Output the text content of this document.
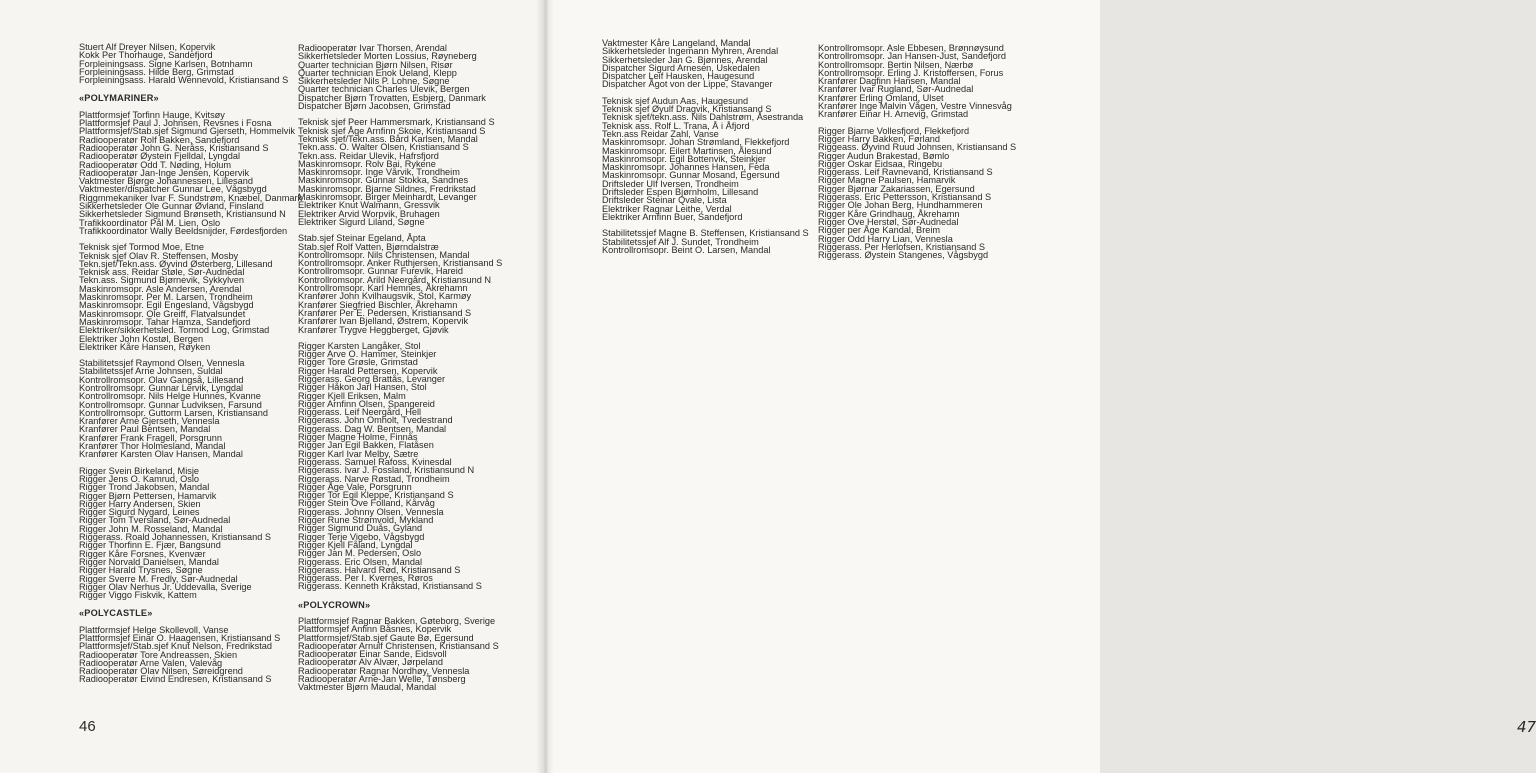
Stuert Alf Dreyer Nilsen, Kopervik

Kokk Per Thorhauge, Sandefjord

Forpleiningsass. Signe Karlsen, Botnhamn

Forpleiningsass. Hilde Berg, Grimstad

Forpleiningsass. Harald Wennevold, Kristiansand S

«POLYMARINER»

Plattformsjef Torfinn Hauge, Kvitsøy

Plattformsjef Paul J. Johnsen, Revsnes i Fosna

Plattformsjef/Stab.sjef Sigmund Gjerseth, Hommelvik

Radiooperatør Rolf Bakken, Sandefjord

Radiooperatør John G. Neråss, Kristiansand S

Radiooperatør Øystein Fjelldal, Lyngdal

Radiooperatør Odd T. Nøding, Holum

Radiooperatør Jan-Inge Jensen, Kopervik

Vaktmester Bjørge Johannessen, Lillesand

Vaktmester/dispatcher Gunnar Lee, Vågsbygd

Riggmmekaniker Ivar F. Sundstrøm, Knæbel, Danmark

Sikkerhetsleder Ole Gunnar Øvland, Finsland

Sikkerhetsleder Sigmund Brønseth, Kristiansund N

Trafikkoordinator Pål M. Lien, Oslo

Trafikkoordinator Wally Beeldsnijder, Førdesfjorden

Teknisk sjef Tormod Moe, Etne

Teknisk sjef Olav R. Steffensen, Mosby

Tekn.sjef/Tekn.ass. Øyvind Østerberg, Lillesand

Teknisk ass. Reidar Støle, Sør-Audnedal

Tekn.ass. Sigmund Bjørnevik, Sykkylven

Maskinromsopr. Asle Andersen, Arendal

Maskinromsopr. Per M. Larsen, Trondheim

Maskinromsopr. Egil Engesland, Vågsbygd

Maskinromsopr. Ole Greiff, Flatvalsundet

Maskinromsopr. Tahar Hamza, Sandefjord

Elektriker/sikkerhetsled. Tormod Log, Grimstad

Elektriker John Kostøl, Bergen

Elektriker Kåre Hansen, Røyken

Stabilitetssjef Raymond Olsen, Vennesla

Stabilitetssjef Arne Johnsen, Suldal

Kontrollromsopr. Olav Gangså, Lillesand

Kontrollromsopr. Gunnar Lervik, Lyngdal

Kontrollromsopr. Nils Helge Hunnes, Kvanne

Kontrollromsopr. Gunnar Ludviksen, Farsund

Kontrollromsopr. Guttorm Larsen, Kristiansand

Kranfører Arne Gjerseth, Vennesla

Kranfører Paul Bentsen, Mandal

Kranfører Frank Fragell, Porsgrunn

Kranfører Thor Holmesland, Mandal

Kranfører Karsten Olav Hansen, Mandal

Rigger Svein Birkeland, Misje

Rigger Jens O. Kamrud, Oslo

Rigger Trond Jakobsen, Mandal

Rigger Bjørn Pettersen, Hamarvik

Rigger Harry Andersen, Skien

Rigger Sigurd Nygard, Leines

Rigger Tom Tversland, Sør-Audnedal

Rigger John M. Rosseland, Mandal

Riggerass. Roald Johannessen, Kristiansand S

Rigger Thorfinn E. Fjær, Bangsund

Rigger Kåre Forsnes, Kvenvær

Rigger Norvald Danielsen, Mandal

Rigger Harald Trysnes, Søgne

Rigger Sverre M. Fredly, Sør-Audnedal

Rigger Olav Nerhus Jr. Uddevalla, Sverige

Rigger Viggo Fiskvik, Kattem

«POLYCASTLE»

Plattformsjef Helge Skollevoll, Vanse

Plattformsjef Einar O. Haagensen, Kristiansand S

Plattformsjef/Stab.sjef Knut Nelson, Fredrikstad

Radiooperatør Tore Andreassen, Skien

Radiooperatør Arne Valen, Valevåg

Radiooperatør Olav Nilsen, Søreidgrend

Radiooperatør Eivind Endresen, Kristiansand S

Radiooperatør Ivar Thorsen, Arendal

Sikkerhetsleder Morten Lossius, Røyneberg

Quarter technician Bjørn Nilsen, Risør

Quarter technician Enok Ueland, Klepp

Sikkerhetsleder Nils P. Lohne, Søgne

Quarter technician Charles Ulevik, Bergen

Dispatcher Bjørn Trovatten, Esbjerg, Danmark

Dispatcher Bjørn Jacobsen, Grimstad

Teknisk sjef Peer Hammersmark, Kristiansand S

Teknisk sjef Åge Arnfinn Skoie, Kristiansand S

Teknisk sjef/Tekn.ass. Bård Karlsen, Mandal

Tekn.ass. O. Walter Olsen, Kristiansand S

Tekn.ass. Reidar Ulevik, Hafrsfjord

Maskinromsopr. Rolv Bai, Rykene

Maskinromsopr. Inge Vårvik, Trondheim

Maskinromsopr. Gunnar Stokka, Sandnes

Maskinromsopr. Bjarne Sildnes, Fredrikstad

Maskinromsopr. Birger Meinhardt, Levanger

Elektriker Knut Walmann, Gressvik

Elektriker Arvid Worpvik, Bruhagen

Elektriker Sigurd Liland, Søgne

Stab.sjef Steinar Egeland, Åpta

Stab.sjef Rolf Vatten, Bjørndalstræ

Kontrollromsopr. Nils Christensen, Mandal

Kontrollromsopr. Anker Ruthjersen, Kristiansand S

Kontrollromsopr. Gunnar Furevik, Hareid

Kontrollromsopr. Arild Neergård, Kristiansund N

Kontrollromsopr. Karl Hemnes, Åkrehamn

Kranfører John Kvilhaugsvik, Stol, Karmøy

Kranfører Siegfried Bischler, Åkrehamn

Kranfører Per E. Pedersen, Kristiansand S

Kranfører Ivan Bjelland, Østrem, Kopervik

Kranfører Trygve Heggberget, Gjøvik

Rigger Karsten Langåker, Stol

Rigger Arve O. Hammer, Steinkjer

Rigger Tore Grøsle, Grimstad

Rigger Harald Pettersen, Kopervik

Riggerass. Georg Brattås, Levanger

Rigger Håkon Jarl Hansen, Stol

Rigger Kjell Eriksen, Malm

Rigger Arnfinn Olsen, Spangereid

Riggerass. Leif Neergård, Hell

Riggerass. John Omholt, Tvedestrand

Riggerass. Dag W. Bentsen, Mandal

Rigger Magne Holme, Finnås

Rigger Jan Egil Bakken, Flatåsen

Rigger Karl Ivar Melby, Sætre

Riggerass. Samuel Rafoss, Kvinesdal

Riggerass. Ivar J. Fossland, Kristiansund N

Riggerass. Narve Røstad, Trondheim

Rigger Åge Vale, Porsgrunn

Rigger Tor Egil Kleppe, Kristiansand S

Rigger Stein Ove Folland, Kårvåg

Riggerass. Johnny Olsen, Vennesla

Rigger Rune Strømvold, Mykland

Rigger Sigmund Duås, Gyland

Rigger Terje Vigebo, Vågsbygd

Rigger Kjell Fåland, Lyngdal

Rigger Jan M. Pedersen, Oslo

Riggerass. Eric Olsen, Mandal

Riggerass. Halvard Rød, Kristiansand S

Riggerass. Per I. Kvernes, Røros

Riggerass. Kenneth Kråkstad, Kristiansand S

«POLYCROWN»

Plattformsjef Ragnar Bakken, Gøteborg, Sverige

Plattformsjef Anfinn Båsnes, Kopervik

Plattformsjef/Stab.sjef Gaute Bø, Egersund

Radiooperatør Arnulf Christensen, Kristiansand S

Radiooperatør Einar Sande, Eidsvoll

Radiooperatør Alv Alvær, Jørpeland

Radiooperatør Ragnar Nordhøy, Vennesla

Radiooperatør Arne-Jan Welle, Tønsberg

Vaktmester Bjørn Maudal, Mandal

46

Vaktmester Kåre Langeland, Mandal

Sikkerhetsleder Ingemann Myhren, Arendal

Sikkerhetsleder Jan G. Bjønnes, Arendal

Dispatcher Sigurd Arnesen, Uskedalen

Dispatcher Leif Hausken, Haugesund

Dispatcher Ågot von der Lippe, Stavanger

Teknisk sjef Audun Aas, Haugesund

Teknisk sjef Øyulf Dragvik, Kristiansand S

Teknisk sjef/tekn.ass. Nils Dahlstrøm, Åsestranda

Teknisk ass. Rolf L. Trana, Å i Åfjord

Tekn.ass Reidar Zahl, Vanse

Maskinromsopr. Johan Strømland, Flekkefjord

Maskinromsopr. Eilert Martinsen, Ålesund

Maskinromsopr. Egil Bottenvik, Steinkjer

Maskinromsopr. Johannes Hansen, Feda

Maskinromsopr. Gunnar Mosand, Egersund

Driftsleder Ulf Iversen, Trondheim

Driftsleder Espen Bjørnholm, Lillesand

Driftsleder Steinar Qvale, Lista

Elektriker Ragnar Leithe, Verdal

Elektriker Arnfinn Buer, Sandefjord

Stabilitetssjef Magne B. Steffensen, Kristiansand S

Stabilitetssjef Alf J. Sundet, Trondheim

Kontrollromsopr. Beint O. Larsen, Mandal

Kontrollromsopr. Asle Ebbesen, Brønnøysund

Kontrollromsopr. Jan Hansen-Just, Sandefjord

Kontrollromsopr. Bertin Nilsen, Nærbø

Kontrollromsopr. Erling J. Kristoffersen, Forus

Kranfører Dagfinn Hansen, Mandal

Kranfører Ivar Rugland, Sør-Audnedal

Kranfører Erling Omland, Ulset

Kranfører Inge Malvin Vågen, Vestre Vinnesvåg

Kranfører Einar H. Arnevig, Grimstad

Rigger Bjarne Vollesfjord, Flekkefjord

Rigger Harry Bakken, Førland

Riggeass. Øyvind Ruud Johnsen, Kristiansand S

Rigger Audun Brakestad, Bømlo

Rigger Oskar Eidsaa, Ringebu

Riggerass. Leif Ravnevand, Kristiansand S

Rigger Magne Paulsen, Hamarvik

Rigger Bjørnar Zakariassen, Egersund

Riggerass. Eric Pettersson, Kristiansand S

Rigger Ole Johan Berg, Hundhammeren

Rigger Kåre Grindhaug, Åkrehamn

Rigger Ove Herstøl, Sør-Audnedal

Rigger per Åge Kandal, Breim

Rigger Odd Harry Lian, Vennesla

Riggerass. Per Herlofsen, Kristiansand S

Riggerass. Øystein Stangenes, Vågsbygd

47
